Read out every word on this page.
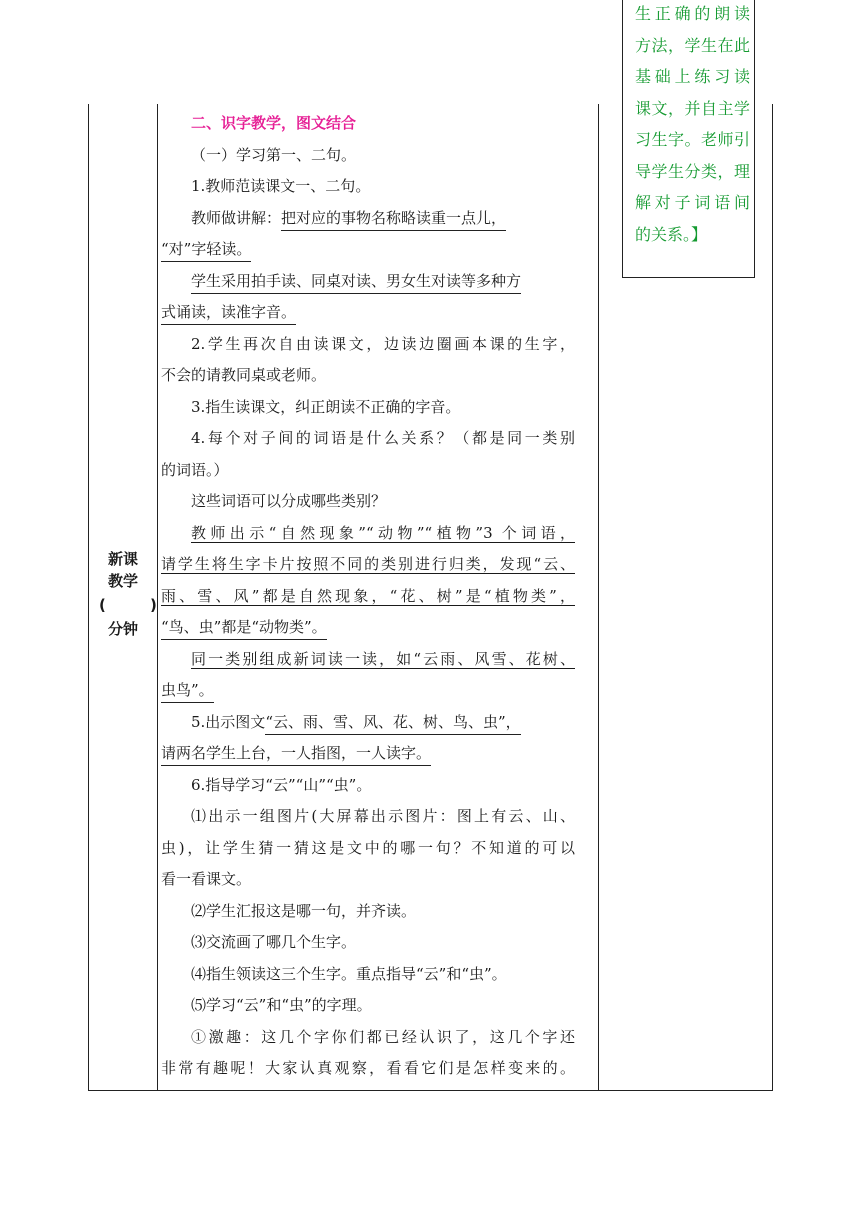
生正确的朗读
方法，学生在此
基础上练习读
课文，并自主学
习生字。老师引
导学生分类，理
解对子词语间
的关系。】
新课
教学
(	)
分钟
二、识字教学，图文结合
（一）学习第一、二句。
1.教师范读课文一、二句。
教师做讲解：把对应的事物名称略读重一点儿，
“对”字轻读。
学生采用拍手读、同桌对读、男女生对读等多种方
式诵读，读准字音。
2.学生再次自由读课文，边读边圈画本课的生字，
不会的请教同桌或老师。
3.指生读课文，纠正朗读不正确的字音。
4.每个对子间的词语是什么关系？（都是同一类别
的词语。）
这些词语可以分成哪些类别？
教师出示“自然现象”“动物”“植物”3 个词语，
请学生将生字卡片按照不同的类别进行归类，发现“云、
雨、雪、风”都是自然现象，“花、树”是“植物类”，
“鸟、虫”都是“动物类”。
同一类别组成新词读一读，如“云雨、风雪、花树、
虫鸟”。
5.出示图文“云、雨、雪、风、花、树、鸟、虫”，
请两名学生上台，一人指图，一人读字。
6.指导学习“云”“山”“虫”。
⑴出示一组图片(大屏幕出示图片：图上有云、山、
虫)，让学生猜一猜这是文中的哪一句？不知道的可以
看一看课文。
⑵学生汇报这是哪一句，并齐读。
⑶交流画了哪几个生字。
⑷指生领读这三个生字。重点指导“云”和“虫”。
⑸学习“云”和“虫”的字理。
①激趣：这几个字你们都已经认识了，这几个字还
非常有趣呢！大家认真观察，看看它们是怎样变来的。
